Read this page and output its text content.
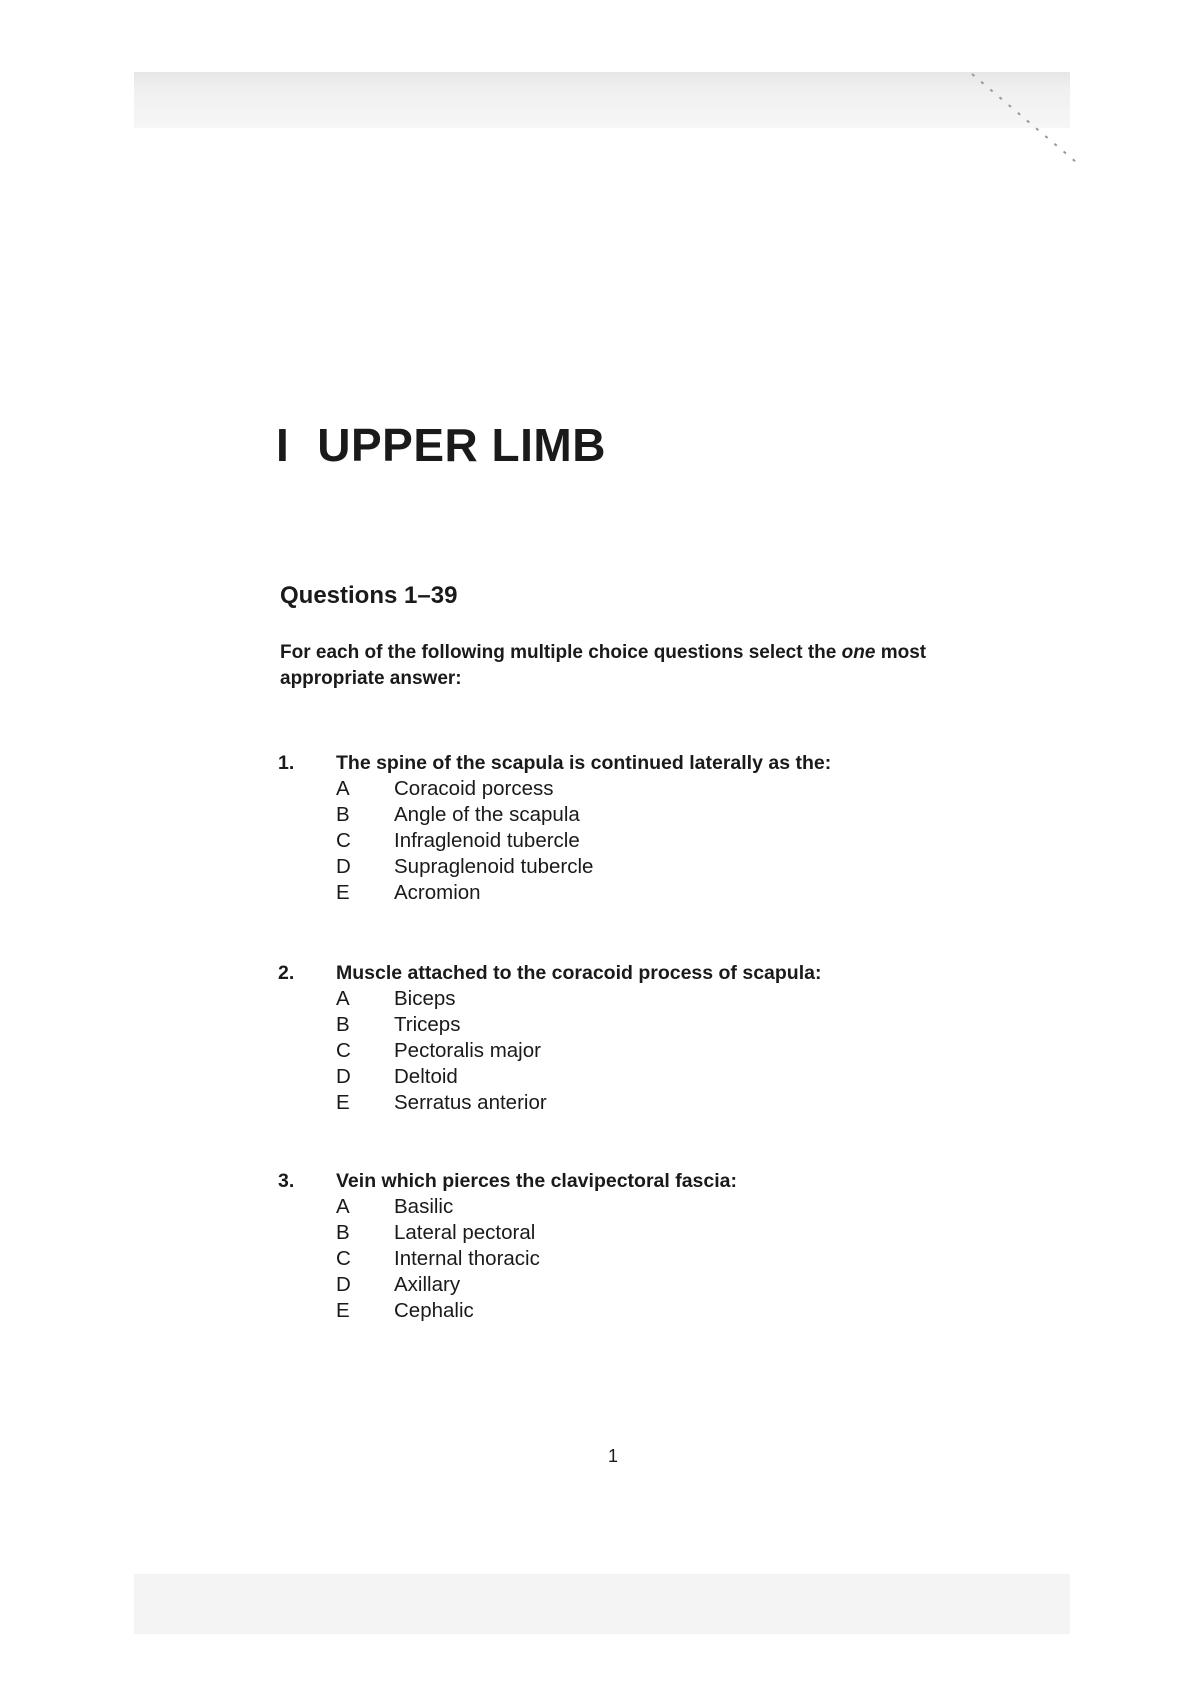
I UPPER LIMB
Questions 1–39

For each of the following multiple choice questions select the one most appropriate answer:

1.	The spine of the scapula is continued laterally as the:
A	Coracoid porcess
B	Angle of the scapula
C	Infraglenoid tubercle
D	Supraglenoid tubercle
E	Acromion
2.	Muscle attached to the coracoid process of scapula:
A	Biceps
B	Triceps
C	Pectoralis major
D	Deltoid
E	Serratus anterior
3.	Vein which pierces the clavipectoral fascia:
A	Basilic
B	Lateral pectoral
C	Internal thoracic
D	Axillary
E	Cephalic
1
